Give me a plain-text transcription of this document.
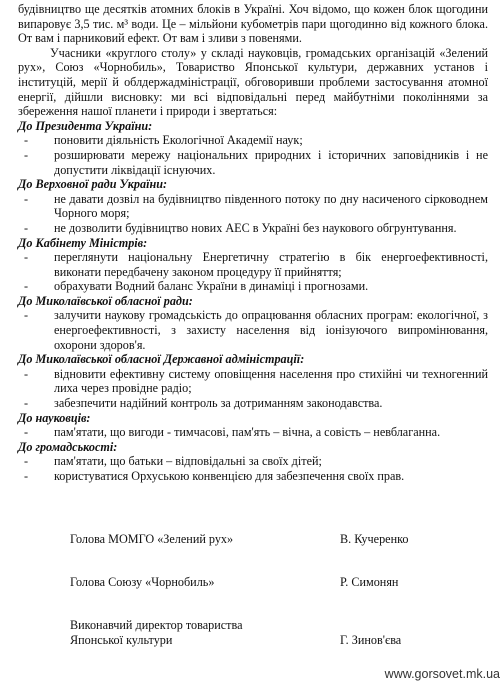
будівництво ще десятків атомних блоків в Україні. Хоч відомо, що кожен блок щогодини випаровує 3,5 тис. м³ води. Це – мільйони кубометрів пари щогодинно від кожного блока. От вам і парниковий ефект. От вам і зливи з повенями.

Учасники «круглого столу» у складі науковців, громадських організацій «Зелений рух», Союз «Чорнобиль», Товариство Японської культури, державних установ і інституцій, мерії й облдержадміністрації, обговоривши проблеми застосування атомної енергії, дійшли висновку: ми всі відповідальні перед майбутніми поколіннями за збереження нашої планети і природи і звертаться:

До Президента України:
- поновити діяльність Екологічної Академії наук;
- розширювати мережу національних природних і історичних заповідників і не допустити ліквідації існуючих.
До Верховної ради України:
- не давати дозвіл на будівництво південного потоку по дну насиченого сірководнем Чорного моря;
- не дозволити будівництво нових АЕС в Україні без наукового обгрунтування.
До Кабінету Міністрів:
- переглянути національну Енергетичну стратегію в бік енергоефективності, виконати передбачену законом процедуру її прийняття;
- обрахувати Водний баланс України в динаміці і прогнозами.
До Миколаївської обласної ради:
- залучити наукову громадськість до опрацювання обласних програм: екологічної, з енергоефективності, з захисту населення від іонізуючого випромінювання, охорони здоров'я.
До Миколаївської обласної Державної адміністрації:
- відновити ефективну систему оповіщення населення про стихійні чи техногенний лиха через провідне радіо;
- забезпечити надійний контроль за дотриманням законодавства.
До науковців:
- пам'ятати, що вигоди - тимчасові, пам'ять – вічна, а совість – невблаганна.
До громадськості:
- пам'ятати, що батьки – відповідальні за своїх дітей;
- користуватися Орхуською конвенцією для забезпечення своїх прав.
Голова МОМГО «Зелений рух»	В. Кучеренко
Голова Союзу «Чорнобиль»	Р. Симонян
Виконавчий директор товариства
Японської культури	Г. Зинов'єва
www.gorsovet.mk.ua
